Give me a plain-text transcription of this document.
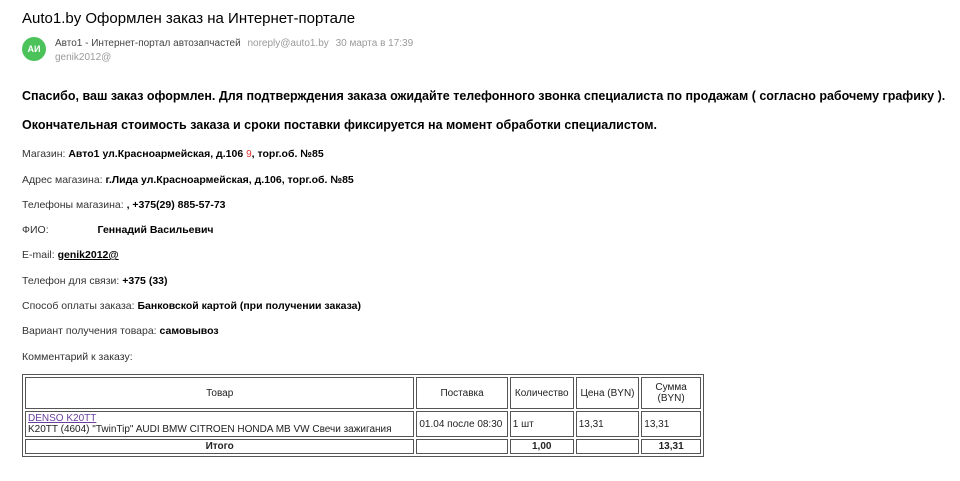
Auto1.by Оформлен заказ на Интернет-портале
АИ	Авто1 - Интернет-портал автозапчастей noreply@auto1.by 30 марта в 17:39
genik2012@
Спасибо, ваш заказ оформлен. Для подтверждения заказа ожидайте телефонного звонка специалиста по продажам ( согласно рабочему графику ).
Окончательная стоимость заказа и сроки поставки фиксируется на момент обработки специалистом.
Магазин: Авто1 ул.Красноармейская, д.106 9, торг.об. №85
Адрес магазина: г.Лида ул.Красноармейская, д.106, торг.об. №85
Телефоны магазина: , +375(29) 885-57-73
ФИО:	Геннадий Васильевич
E-mail: genik2012@
Телефон для связи: +375 (33)
Способ оплаты заказа: Банковской картой (при получении заказа)
Вариант получения товара: самовывоз
Комментарий к заказу:
Товар	Поставка	Количество	Цена (BYN)	Сумма (BYN)
DENSO K20TT
K20TT (4604) "TwinTip" AUDI BMW CITROEN HONDA MB VW Свечи зажигания	01.04 после 08:30	1 шт	13,31	13,31
Итого		1,00		13,31
